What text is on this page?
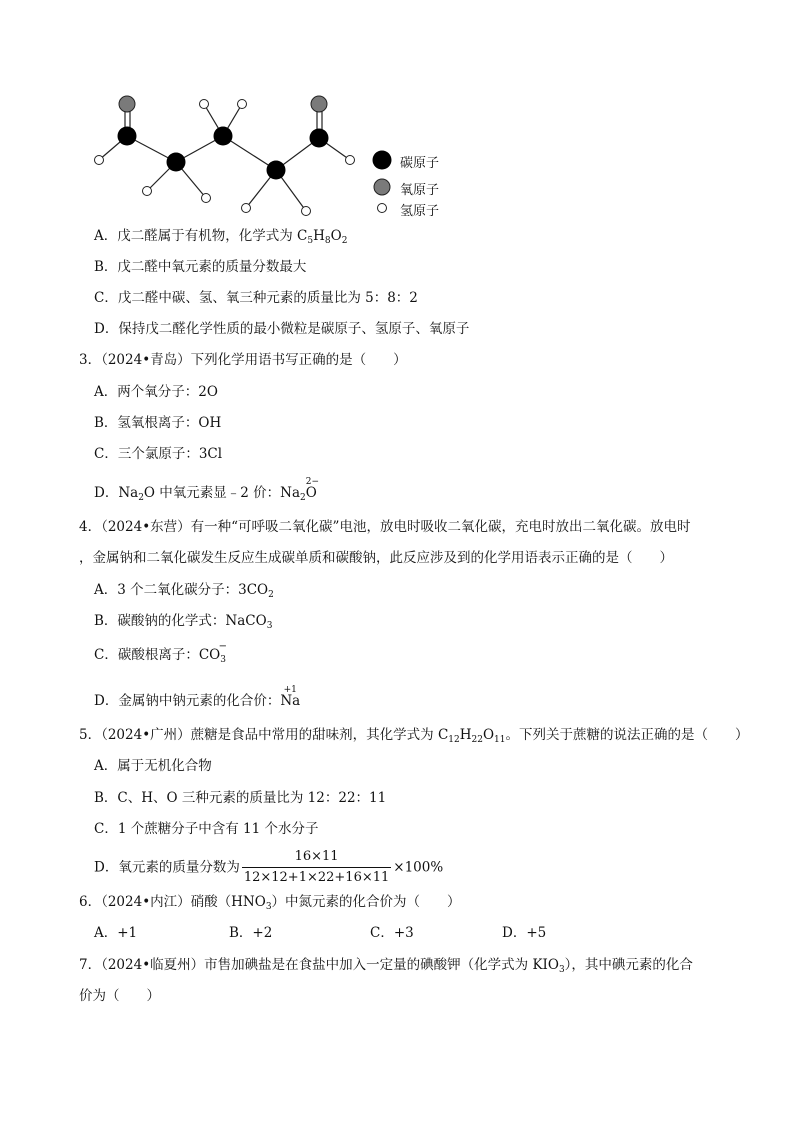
碳原子
氧原子
氢原子
A．戊二醛属于有机物，化学式为 $C_5H_8O_2$
B．戊二醛中氧元素的质量分数最大
C．戊二醛中碳、氢、氧三种元素的质量比为 5：8：2
D．保持戊二醛化学性质的最小微粒是碳原子、氢原子、氧原子
3．（2024•青岛）下列化学用语书写正确的是（　　）
A．两个氧分子：2O
B．氢氧根离子：OH
C．三个氯原子：3Cl
D．$Na_2O$ 中氧元素显﹣2 价：$Na_2$
2−
O
4．（2024•东营）有一种“可呼吸二氧化碳”电池，放电时吸收二氧化碳，充电时放出二氧化碳。放电时
，金属钠和二氧化碳发生反应生成碳单质和碳酸钠，此反应涉及到的化学用语表示正确的是（　　）
A．3 个二氧化碳分子：$3CO_2$
B．碳酸钠的化学式：NaCO$_3$
C．碳酸根离子：$CO_3$
−
D．金属钠中钠元素的化合价：
+1
Na
5．（2024•广州）蔗糖是食品中常用的甜味剂，其化学式为 $C_{12}H_{22}O_{11}$。下列关于蔗糖的说法正确的是（　　）
A．属于无机化合物
B．C、H、O 三种元素的质量比为 12：22：11
C．1 个蔗糖分子中含有 11 个水分子
D．氧元素的质量分数为 $\frac{16\times 11}{12\times 12+1\times 22+16\times 11} \times 100\%$
6．（2024•内江）硝酸$(HNO_3)$中氮元素的化合价为（　　）
A．+1	B．+2	C．+3	D．+5
7．（2024•临夏州）市售加碘盐是在食盐中加入一定量的碘酸钾（化学式为 $KIO_3$），其中碘元素的化合
价为（　　）
